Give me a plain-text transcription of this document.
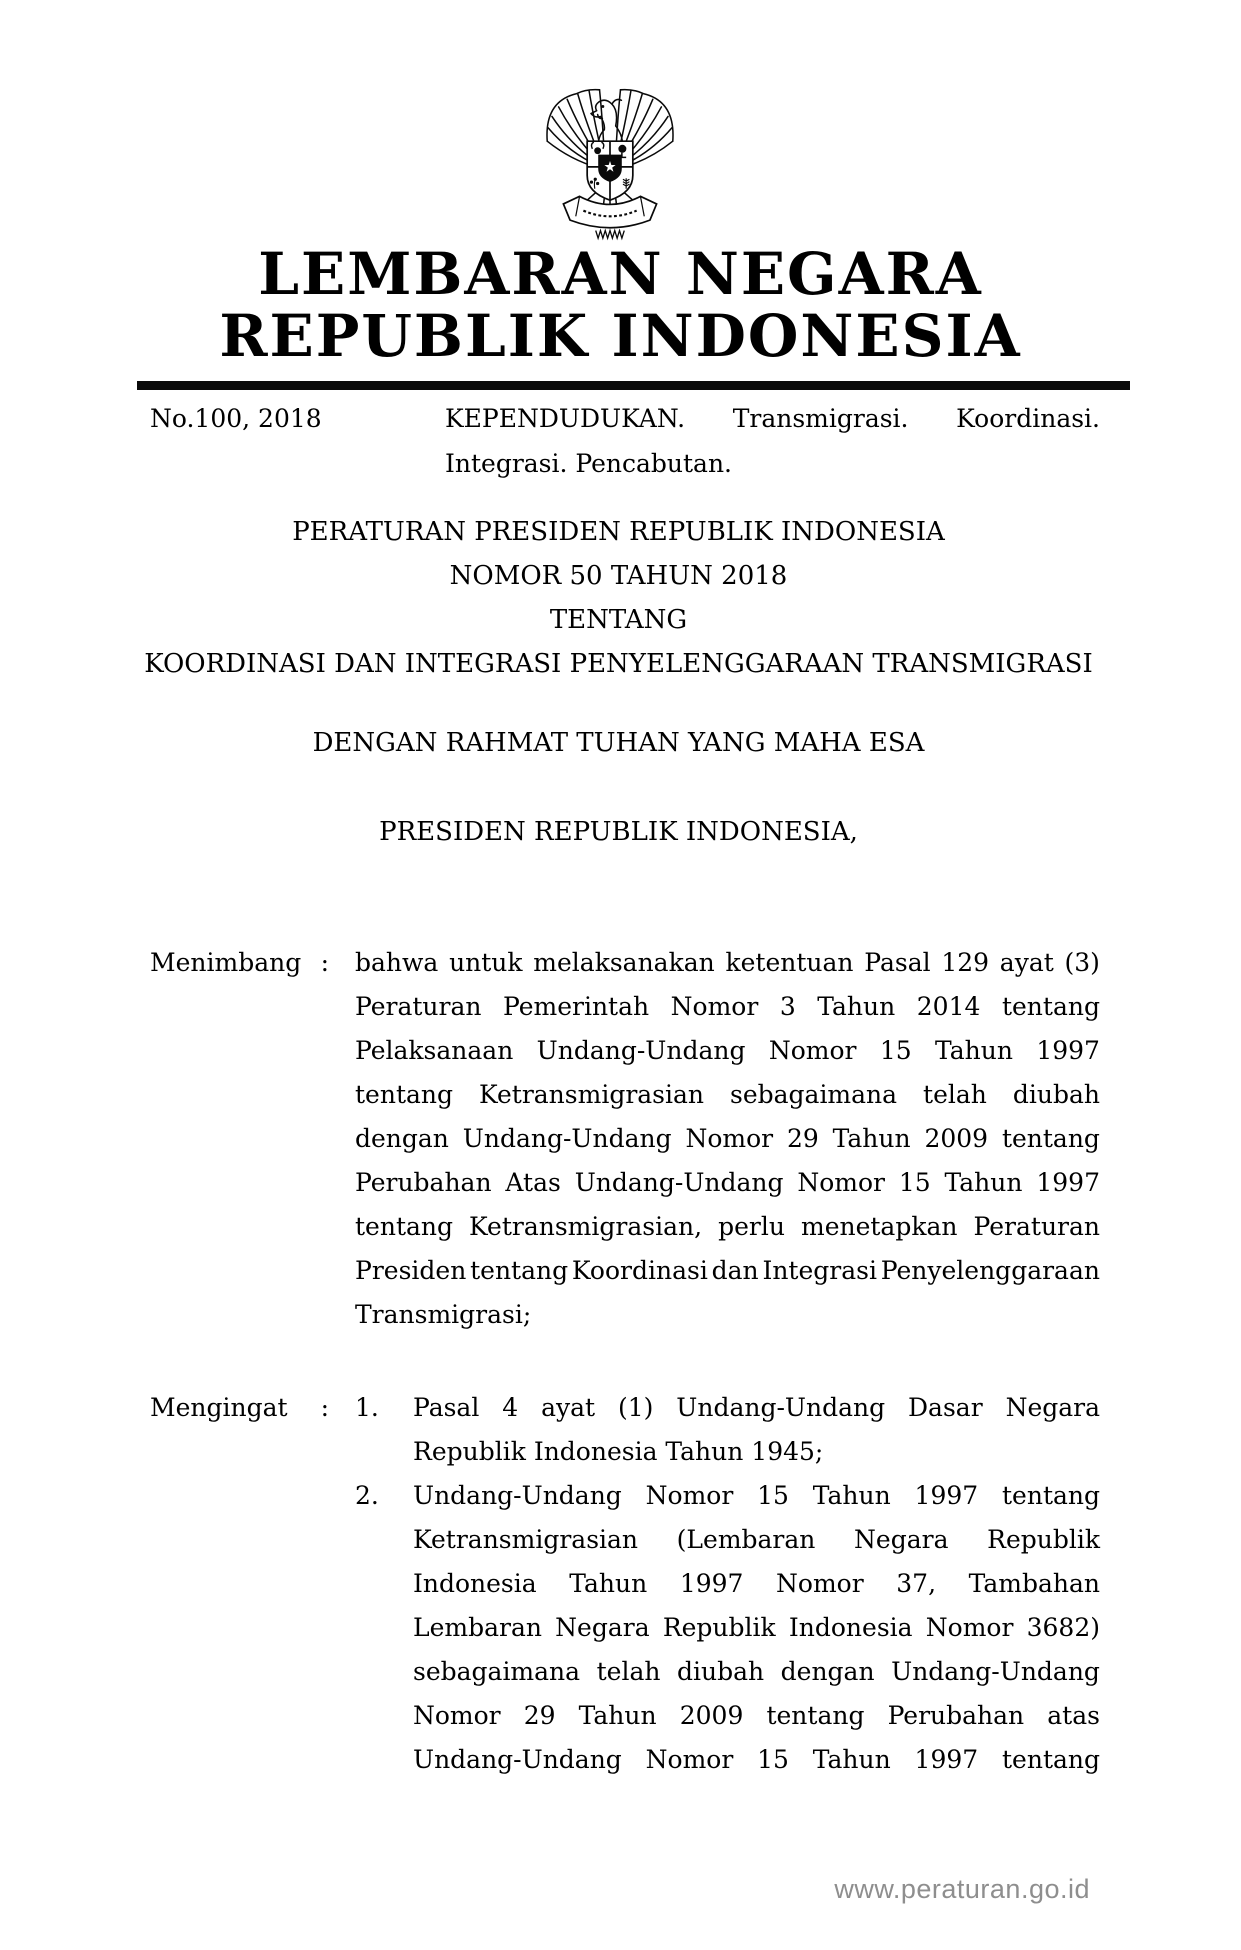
LEMBARAN NEGARA
REPUBLIK INDONESIA
No.100, 2018	KEPENDUDUKAN. Transmigrasi. Koordinasi.
Integrasi. Pencabutan.
PERATURAN PRESIDEN REPUBLIK INDONESIA
NOMOR 50 TAHUN 2018
TENTANG
KOORDINASI DAN INTEGRASI PENYELENGGARAAN TRANSMIGRASI
DENGAN RAHMAT TUHAN YANG MAHA ESA
PRESIDEN REPUBLIK INDONESIA,
Menimbang : bahwa untuk melaksanakan ketentuan Pasal 129 ayat (3)
Peraturan Pemerintah Nomor 3 Tahun 2014 tentang
Pelaksanaan Undang-Undang Nomor 15 Tahun 1997
tentang Ketransmigrasian sebagaimana telah diubah
dengan Undang-Undang Nomor 29 Tahun 2009 tentang
Perubahan Atas Undang-Undang Nomor 15 Tahun 1997
tentang Ketransmigrasian, perlu menetapkan Peraturan
Presiden tentang Koordinasi dan Integrasi Penyelenggaraan
Transmigrasi;
Mengingat : 1.	Pasal 4 ayat (1) Undang-Undang Dasar Negara
Republik Indonesia Tahun 1945;
2.	Undang-Undang Nomor 15 Tahun 1997 tentang
Ketransmigrasian (Lembaran Negara Republik
Indonesia Tahun 1997 Nomor 37, Tambahan
Lembaran Negara Republik Indonesia Nomor 3682)
sebagaimana telah diubah dengan Undang-Undang
Nomor 29 Tahun 2009 tentang Perubahan atas
Undang-Undang Nomor 15 Tahun 1997 tentang
www.peraturan.go.id
